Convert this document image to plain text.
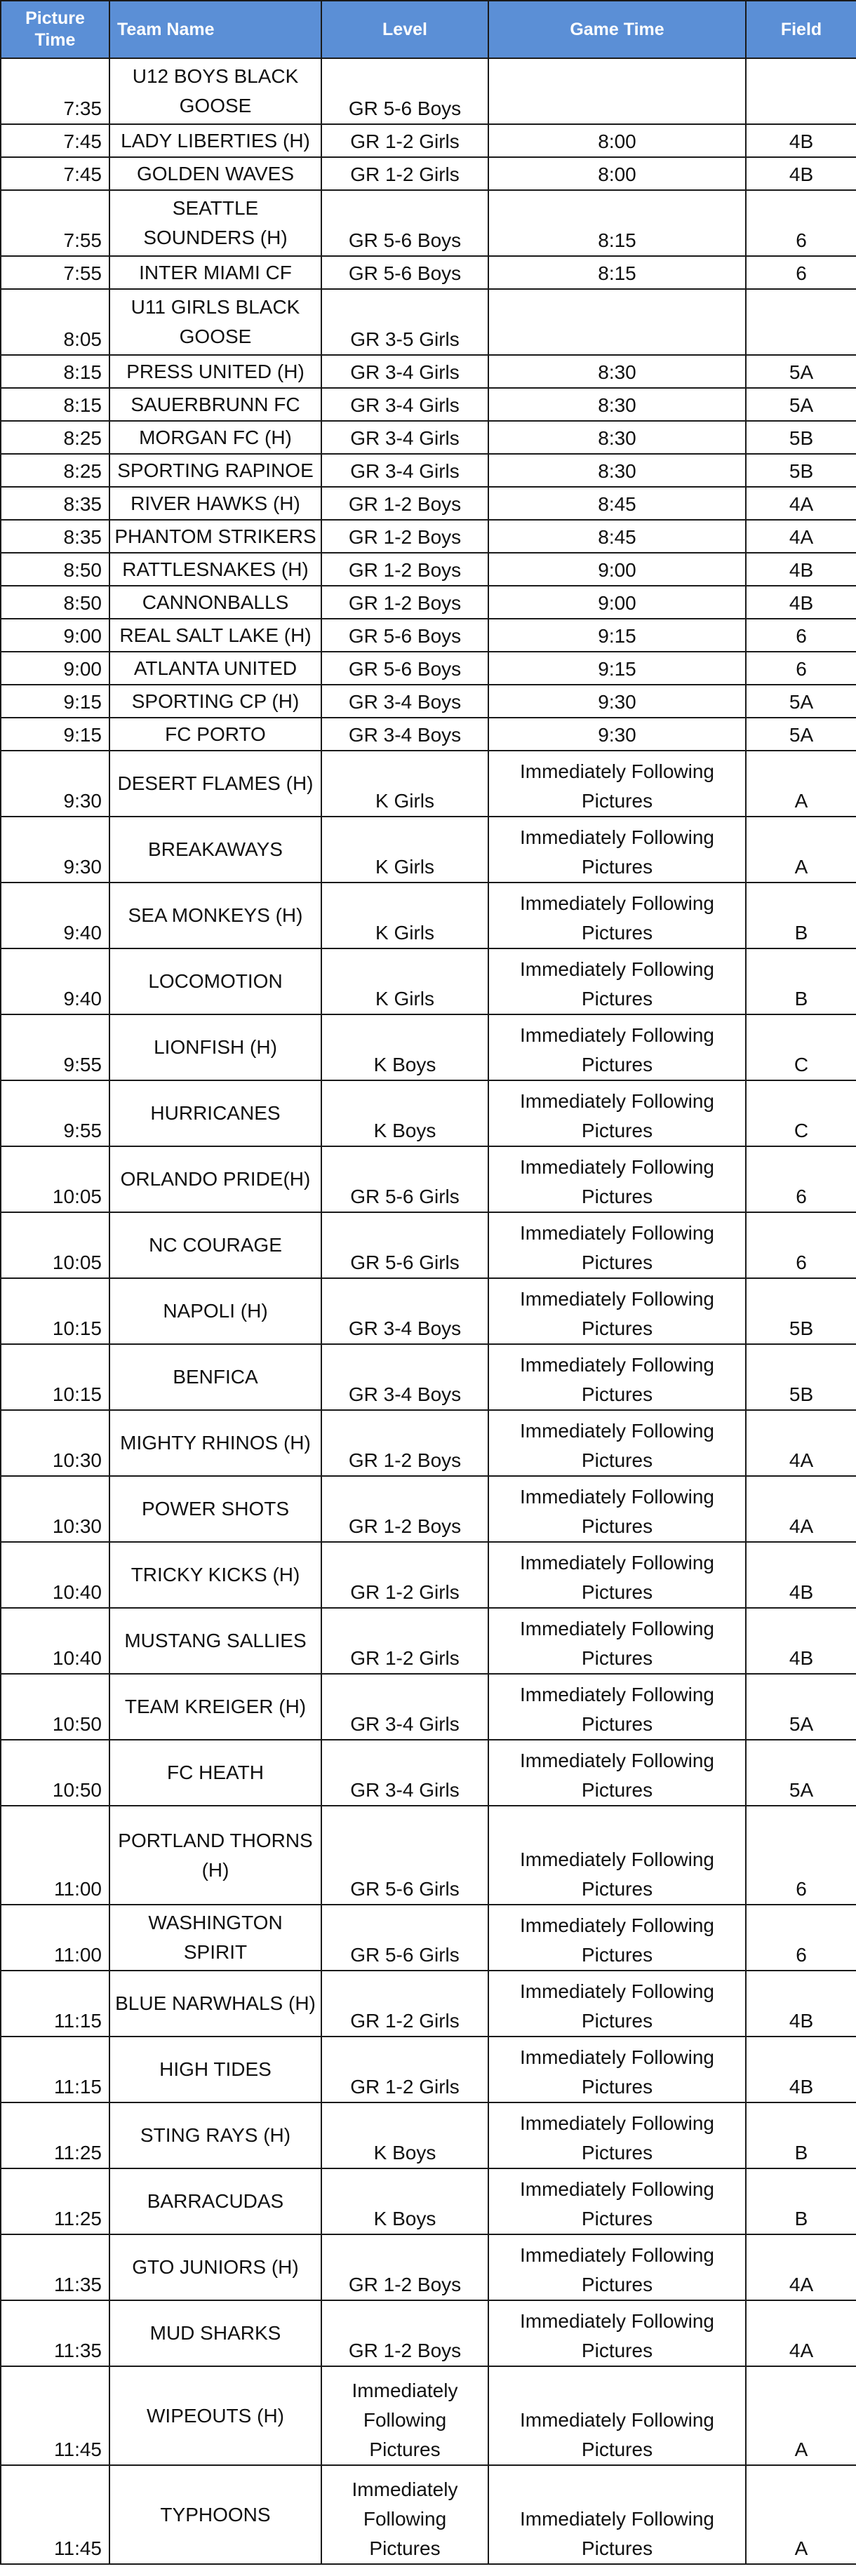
Picture Time	Team Name	Level	Game Time	Field
7:35	U12 BOYS BLACK GOOSE	GR 5-6 Boys		
7:45	LADY LIBERTIES (H)	GR 1-2 Girls	8:00	4B
7:45	GOLDEN WAVES	GR 1-2 Girls	8:00	4B
7:55	SEATTLE SOUNDERS (H)	GR 5-6 Boys	8:15	6
7:55	INTER MIAMI CF	GR 5-6 Boys	8:15	6
8:05	U11 GIRLS BLACK GOOSE	GR 3-5 Girls		
8:15	PRESS UNITED (H)	GR 3-4 Girls	8:30	5A
8:15	SAUERBRUNN FC	GR 3-4 Girls	8:30	5A
8:25	MORGAN FC (H)	GR 3-4 Girls	8:30	5B
8:25	SPORTING RAPINOE	GR 3-4 Girls	8:30	5B
8:35	RIVER HAWKS (H)	GR 1-2 Boys	8:45	4A
8:35	PHANTOM STRIKERS	GR 1-2 Boys	8:45	4A
8:50	RATTLESNAKES (H)	GR 1-2 Boys	9:00	4B
8:50	CANNONBALLS	GR 1-2 Boys	9:00	4B
9:00	REAL SALT LAKE (H)	GR 5-6 Boys	9:15	6
9:00	ATLANTA UNITED	GR 5-6 Boys	9:15	6
9:15	SPORTING CP (H)	GR 3-4 Boys	9:30	5A
9:15	FC PORTO	GR 3-4 Boys	9:30	5A
9:30	DESERT FLAMES (H)	K Girls	Immediately Following Pictures	A
9:30	BREAKAWAYS	K Girls	Immediately Following Pictures	A
9:40	SEA MONKEYS (H)	K Girls	Immediately Following Pictures	B
9:40	LOCOMOTION	K Girls	Immediately Following Pictures	B
9:55	LIONFISH (H)	K Boys	Immediately Following Pictures	C
9:55	HURRICANES	K Boys	Immediately Following Pictures	C
10:05	ORLANDO PRIDE(H)	GR 5-6 Girls	Immediately Following Pictures	6
10:05	NC COURAGE	GR 5-6 Girls	Immediately Following Pictures	6
10:15	NAPOLI (H)	GR 3-4 Boys	Immediately Following Pictures	5B
10:15	BENFICA	GR 3-4 Boys	Immediately Following Pictures	5B
10:30	MIGHTY RHINOS (H)	GR 1-2 Boys	Immediately Following Pictures	4A
10:30	POWER SHOTS	GR 1-2 Boys	Immediately Following Pictures	4A
10:40	TRICKY KICKS (H)	GR 1-2 Girls	Immediately Following Pictures	4B
10:40	MUSTANG SALLIES	GR 1-2 Girls	Immediately Following Pictures	4B
10:50	TEAM KREIGER (H)	GR 3-4 Girls	Immediately Following Pictures	5A
10:50	FC HEATH	GR 3-4 Girls	Immediately Following Pictures	5A
11:00	PORTLAND THORNS (H)	GR 5-6 Girls	Immediately Following Pictures	6
11:00	WASHINGTON SPIRIT	GR 5-6 Girls	Immediately Following Pictures	6
11:15	BLUE NARWHALS (H)	GR 1-2 Girls	Immediately Following Pictures	4B
11:15	HIGH TIDES	GR 1-2 Girls	Immediately Following Pictures	4B
11:25	STING RAYS (H)	K Boys	Immediately Following Pictures	B
11:25	BARRACUDAS	K Boys	Immediately Following Pictures	B
11:35	GTO JUNIORS (H)	GR 1-2 Boys	Immediately Following Pictures	4A
11:35	MUD SHARKS	GR 1-2 Boys	Immediately Following Pictures	4A
11:45	WIPEOUTS (H)	Immediately Following Pictures	Immediately Following Pictures	A
11:45	TYPHOONS	Immediately Following Pictures	Immediately Following Pictures	A
